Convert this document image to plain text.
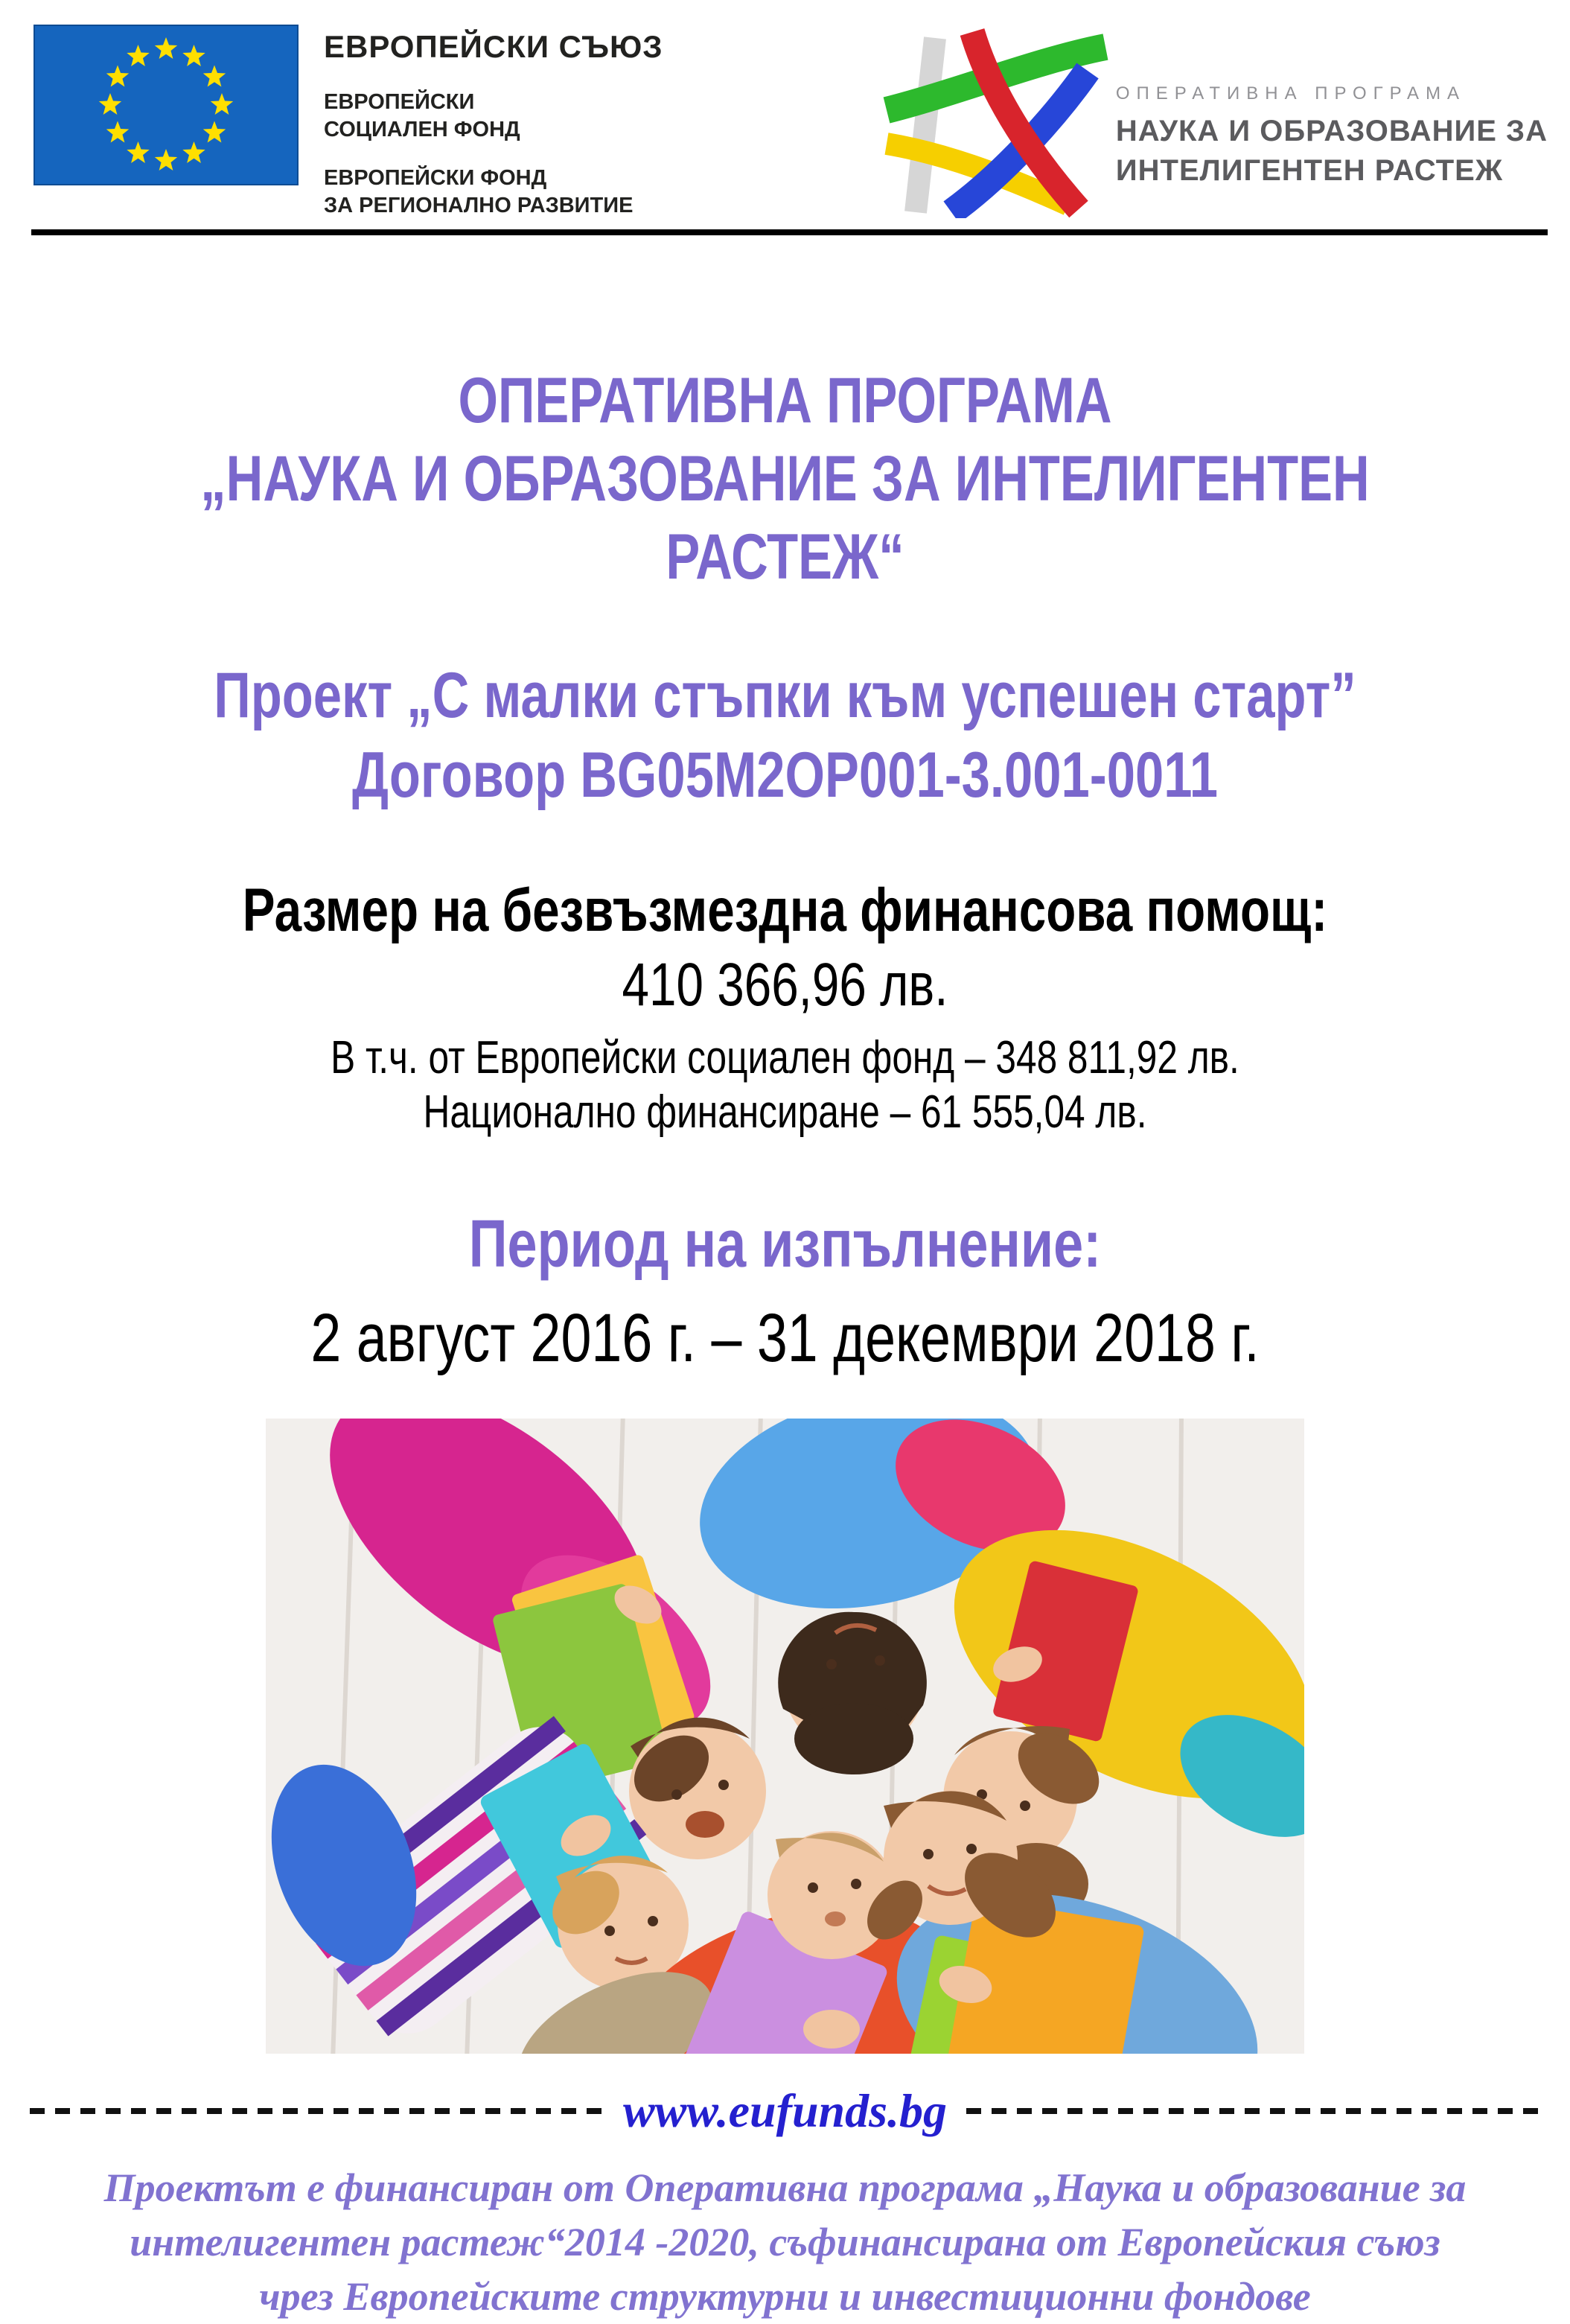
ЕВРОПЕЙСКИ СЪЮЗ
ЕВРОПЕЙСКИ
СОЦИАЛЕН ФОНД
ЕВРОПЕЙСКИ ФОНД
ЗА РЕГИОНАЛНО РАЗВИТИЕ
ОПЕРАТИВНА ПРОГРАМА
НАУКА И ОБРАЗОВАНИЕ ЗА
ИНТЕЛИГЕНТЕН РАСТЕЖ
ОПЕРАТИВНА ПРОГРАМА
„НАУКА И ОБРАЗОВАНИЕ ЗА ИНТЕЛИГЕНТЕН РАСТЕЖ“
Проект „С малки стъпки към успешен старт”
Договор BG05M2OP001-3.001-0011
Размер на безвъзмездна финансова помощ:
410 366,96 лв.
В т.ч. от Европейски социален фонд – 348 811,92 лв.
Национално финансиране – 61 555,04 лв.
Период на изпълнение:
2 август 2016 г. – 31 декември 2018 г.
www.eufunds.bg
Проектът е финансиран от Оперативна програма „Наука и образование за
интелигентен растеж“2014 -2020, съфинансирана от Европейския съюз
чрез Европейските структурни и инвестиционни фондове
